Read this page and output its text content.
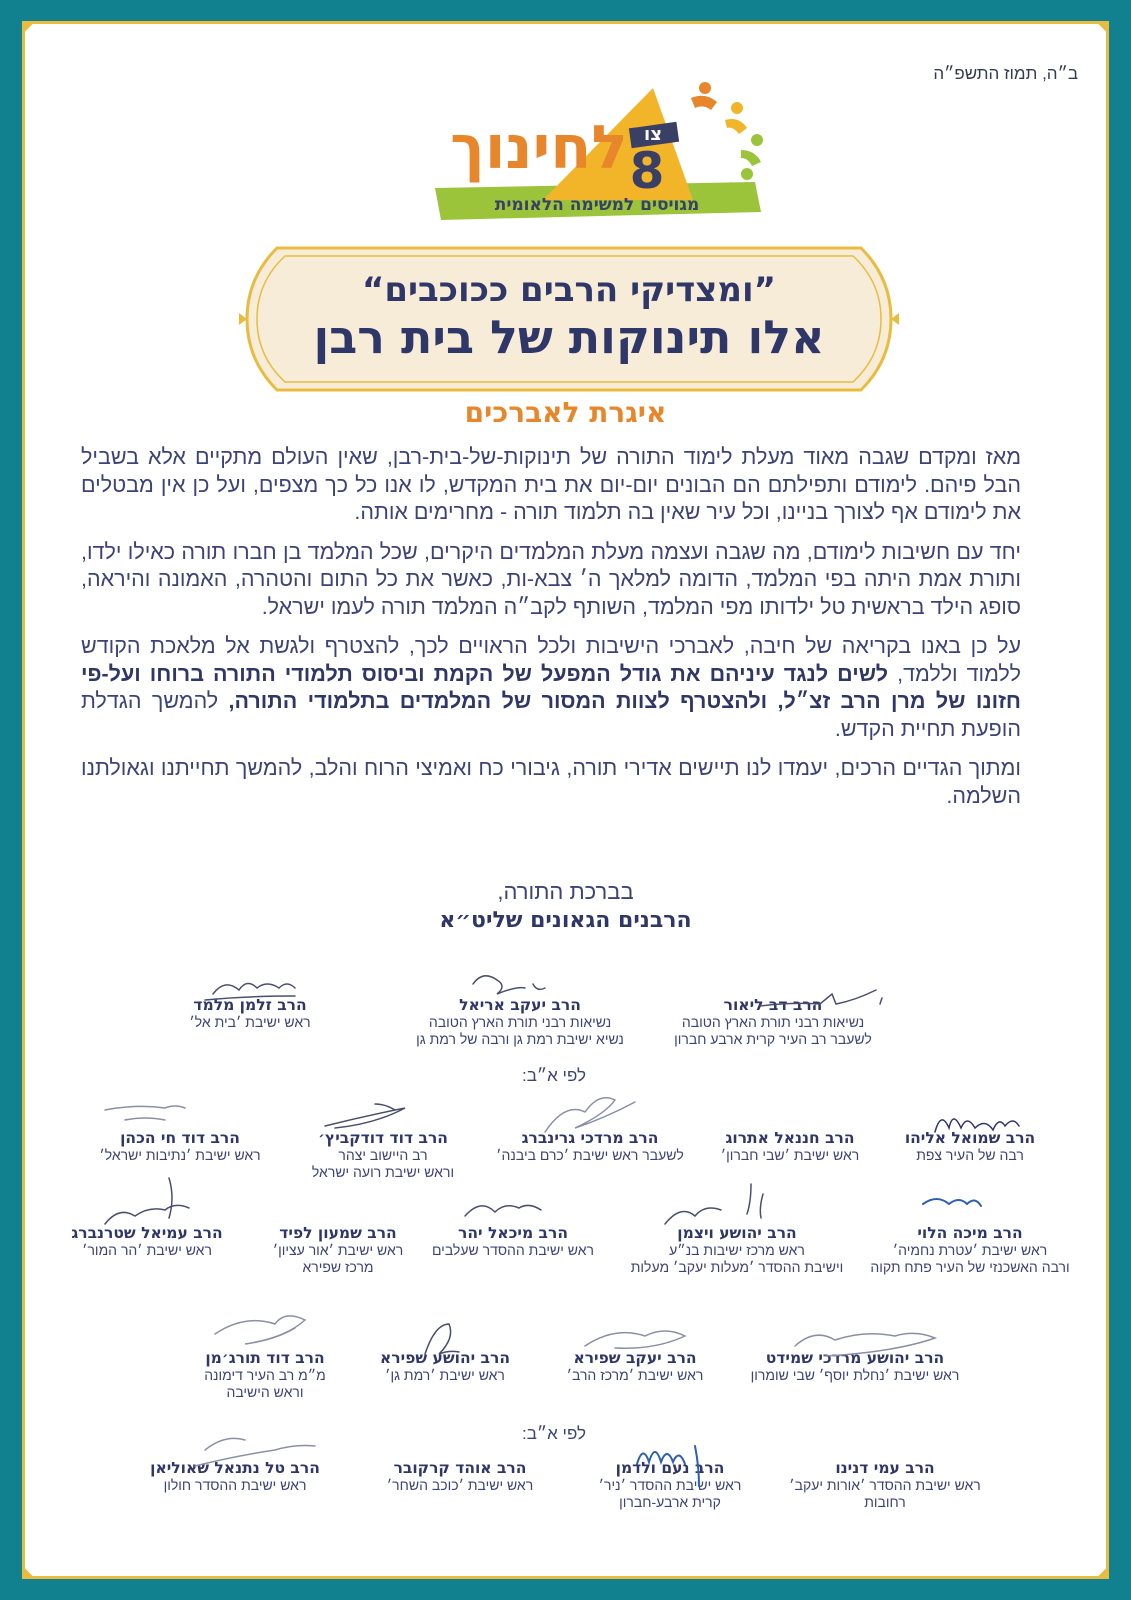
ב״ה, תמוז התשפ״ה
צו
8
לחינוך
מגויסים למשימה הלאומית
”ומצדיקי הרבים ככוכבים“
אלו תינוקות של בית רבן
איגרת לאברכים

מאז ומקדם שגבה מאוד מעלת לימוד התורה של תינוקות-של-בית-רבן, שאין העולם מתקיים אלא בשביל הבל פיהם. לימודם ותפילתם הם הבונים יום-יום את בית המקדש, לו אנו כל כך מצפים, ועל כן אין מבטלים את לימודם אף לצורך בניינו, וכל עיר שאין בה תלמוד תורה - מחרימים אותה.

יחד עם חשיבות לימודם, מה שגבה ועצמה מעלת המלמדים היקרים, שכל המלמד בן חברו תורה כאילו ילדו, ותורת אמת היתה בפי המלמד, הדומה למלאך ה׳ צבא-ות, כאשר את כל התום והטהרה, האמונה והיראה, סופג הילד בראשית טל ילדותו מפי המלמד, השותף לקב״ה המלמד תורה לעמו ישראל.

על כן באנו בקריאה של חיבה, לאברכי הישיבות ולכל הראויים לכך, להצטרף ולגשת אל מלאכת הקודש ללמוד וללמד, לשים לנגד עיניהם את גודל המפעל של הקמת וביסוס תלמודי התורה ברוחו ועל-פי חזונו של מרן הרב זצ״ל, ולהצטרף לצוות המסור של המלמדים בתלמודי התורה, להמשך הגדלת הופעת תחיית הקדש.

ומתוך הגדיים הרכים, יעמדו לנו תיישים אדירי תורה, גיבורי כח ואמיצי הרוח והלב, להמשך תחייתנו וגאולתנו השלמה.

בברכת התורה,
הרבנים הגאונים שליט״א
הרב דב ליאור
נשיאות רבני תורת הארץ הטובה
לשעבר רב העיר קרית ארבע חברון
הרב יעקב אריאל
נשיאות רבני תורת הארץ הטובה
נשיא ישיבת רמת גן ורבה של רמת גן
הרב זלמן מלמד
ראש ישיבת ׳בית אל׳
לפי א״ב:
הרב שמואל אליהו
רבה של העיר צפת
הרב חננאל אתרוג
ראש ישיבת ׳שבי חברון׳
הרב מרדכי גרינברג
לשעבר ראש ישיבת ׳כרם ביבנה׳
הרב דוד דודקביץ׳
רב היישוב יצהר
וראש ישיבת רועה ישראל
הרב דוד חי הכהן
ראש ישיבת ׳נתיבות ישראל׳
הרב מיכה הלוי
ראש ישיבת ׳עטרת נחמיה׳
ורבה האשכנזי של העיר פתח תקוה
הרב יהושע ויצמן
ראש מרכז ישיבות בנ״ע
וישיבת ההסדר ׳מעלות יעקב׳ מעלות
הרב מיכאל יהר
ראש ישיבת ההסדר שעלבים
הרב שמעון לפיד
ראש ישיבת ׳אור עציון׳
מרכז שפירא
הרב עמיאל שטרנברג
ראש ישיבת ׳הר המור׳
הרב יהושע מרדכי שמידט
ראש ישיבת ׳נחלת יוסף׳ שבי שומרון
הרב יעקב שפירא
ראש ישיבת ׳מרכז הרב׳
הרב יהושע שפירא
ראש ישיבת ׳רמת גן׳
הרב דוד תורג׳מן
מ״מ רב העיר דימונה
וראש הישיבה
לפי א״ב:
הרב עמי דנינו
ראש ישיבת ההסדר ׳אורות יעקב׳
רחובות
הרב נעם ולדמן
ראש ישיבת ההסדר ׳ניר׳
קרית ארבע-חברון
הרב אוהד קרקובר
ראש ישיבת ׳כוכב השחר׳
הרב טל נתנאל שאוליאן
ראש ישיבת ההסדר חולון
